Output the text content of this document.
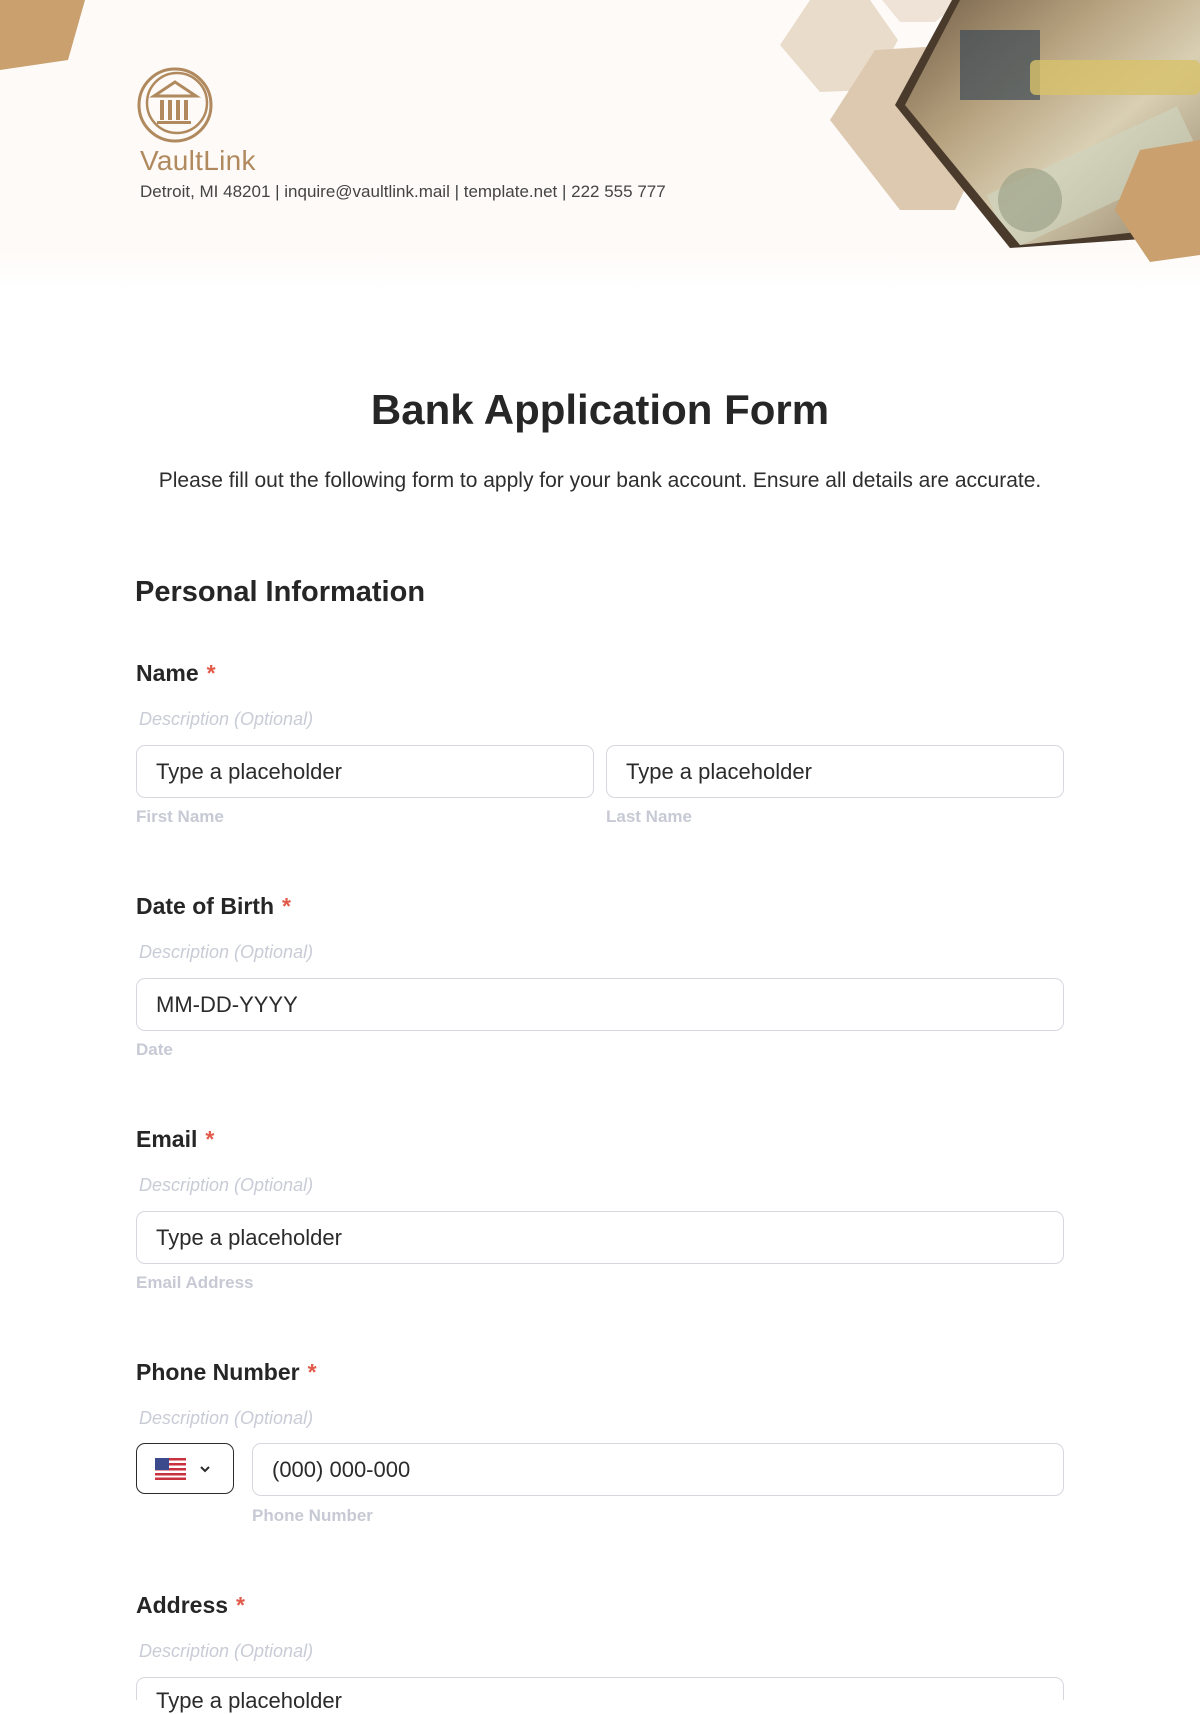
VaultLink
Detroit, MI 48201 | inquire@vaultlink.mail | template.net | 222 555 777
Bank Application Form
Please fill out the following form to apply for your bank account. Ensure all details are accurate.
Personal Information
Name *
Description (Optional)
Type a placeholder	Type a placeholder
First Name	Last Name
Date of Birth *
Description (Optional)
MM-DD-YYYY
Date
Email *
Description (Optional)
Type a placeholder
Email Address
Phone Number *
Description (Optional)
(000) 000-000
Phone Number
Address *
Description (Optional)
Type a placeholder
